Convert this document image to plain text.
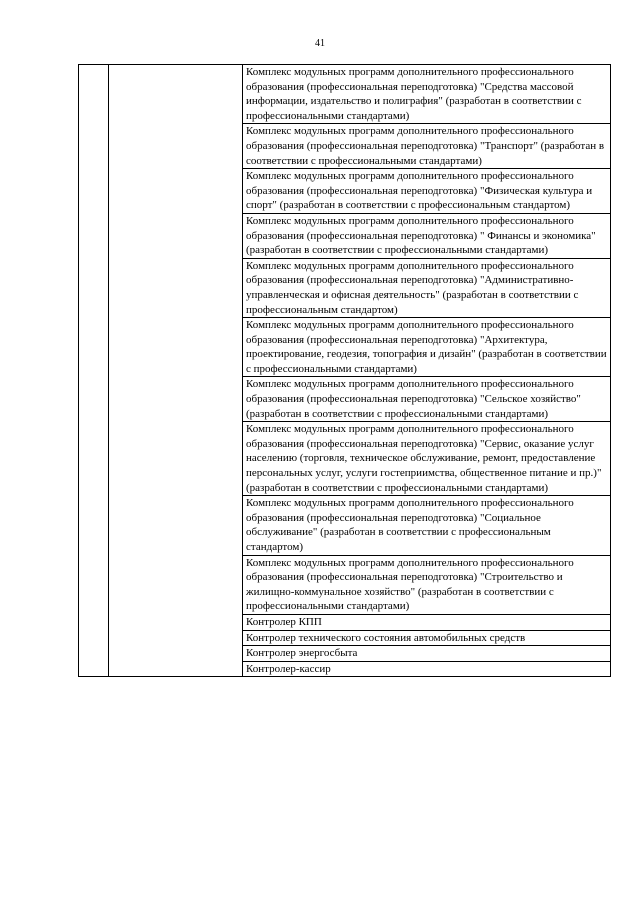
41
		Комплекс модульных программ дополнительного профессионального образования (профессиональная переподготовка) "Средства массовой информации, издательство и полиграфия" (разработан в соответствии с профессиональными стандартами)
Комплекс модульных программ дополнительного профессионального образования (профессиональная переподготовка) "Транспорт" (разработан в соответствии с профессиональными стандартами)
Комплекс модульных программ дополнительного профессионального образования (профессиональная переподготовка) "Физическая культура и спорт" (разработан в соответствии с профессиональным стандартом)
Комплекс модульных программ дополнительного профессионального образования (профессиональная переподготовка) " Финансы и экономика" (разработан в соответствии с профессиональными стандартами)
Комплекс модульных программ дополнительного профессионального образования (профессиональная переподготовка) "Административно-управленческая и офисная деятельность" (разработан в соответствии с профессиональным стандартом)
Комплекс модульных программ дополнительного профессионального образования (профессиональная переподготовка) "Архитектура, проектирование, геодезия, топография и дизайн" (разработан в соответствии с профессиональными стандартами)
Комплекс модульных программ дополнительного профессионального образования (профессиональная переподготовка) "Сельское хозяйство" (разработан в соответствии с профессиональными стандартами)
Комплекс модульных программ дополнительного профессионального образования (профессиональная переподготовка) "Сервис, оказание услуг населению (торговля, техническое обслуживание, ремонт, предоставление персональных услуг, услуги гостеприимства, общественное питание и пр.)" (разработан в соответствии с профессиональными стандартами)
Комплекс модульных программ дополнительного профессионального образования (профессиональная переподготовка) "Социальное обслуживание" (разработан в соответствии с профессиональным стандартом)
Комплекс модульных программ дополнительного профессионального образования (профессиональная переподготовка) "Строительство и жилищно-коммунальное хозяйство" (разработан в соответствии с профессиональными стандартами)
Контролер КПП
Контролер технического состояния автомобильных средств
Контролер энергосбыта
Контролер-кассир
